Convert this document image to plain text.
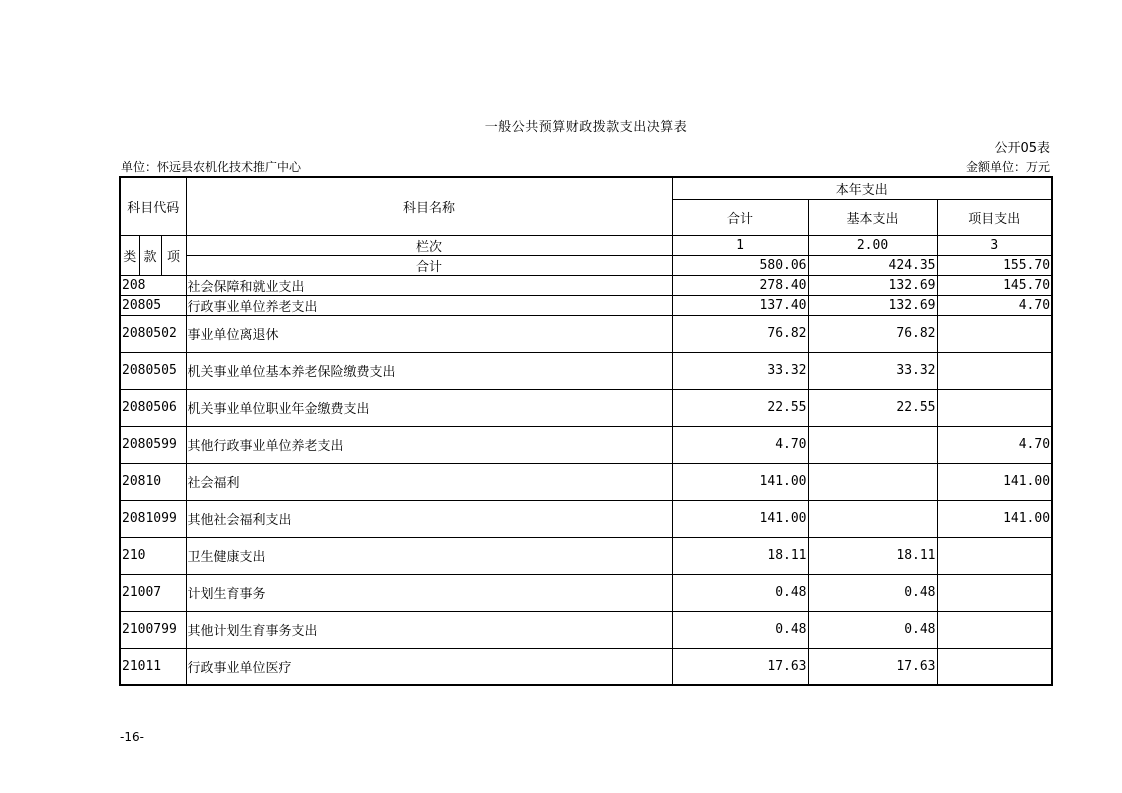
一般公共预算财政拨款支出决算表
公开05表
单位：怀远县农机化技术推广中心	金额单位：万元
科目代码			科目名称	本年支出		
				合计	基本支出	项目支出
类	款	项	栏次	1	2.00	3
			合计	580.06	424.35	155.70
208			社会保障和就业支出	278.40	132.69	145.70
20805			行政事业单位养老支出	137.40	132.69	4.70
2080502			事业单位离退休	76.82	76.82	
2080505			机关事业单位基本养老保险缴费支出	33.32	33.32	
2080506			机关事业单位职业年金缴费支出	22.55	22.55	
2080599			其他行政事业单位养老支出	4.70		4.70
20810			社会福利	141.00		141.00
2081099			其他社会福利支出	141.00		141.00
210			卫生健康支出	18.11	18.11	
21007			计划生育事务	0.48	0.48	
2100799			其他计划生育事务支出	0.48	0.48	
21011			行政事业单位医疗	17.63	17.63	
-16-
